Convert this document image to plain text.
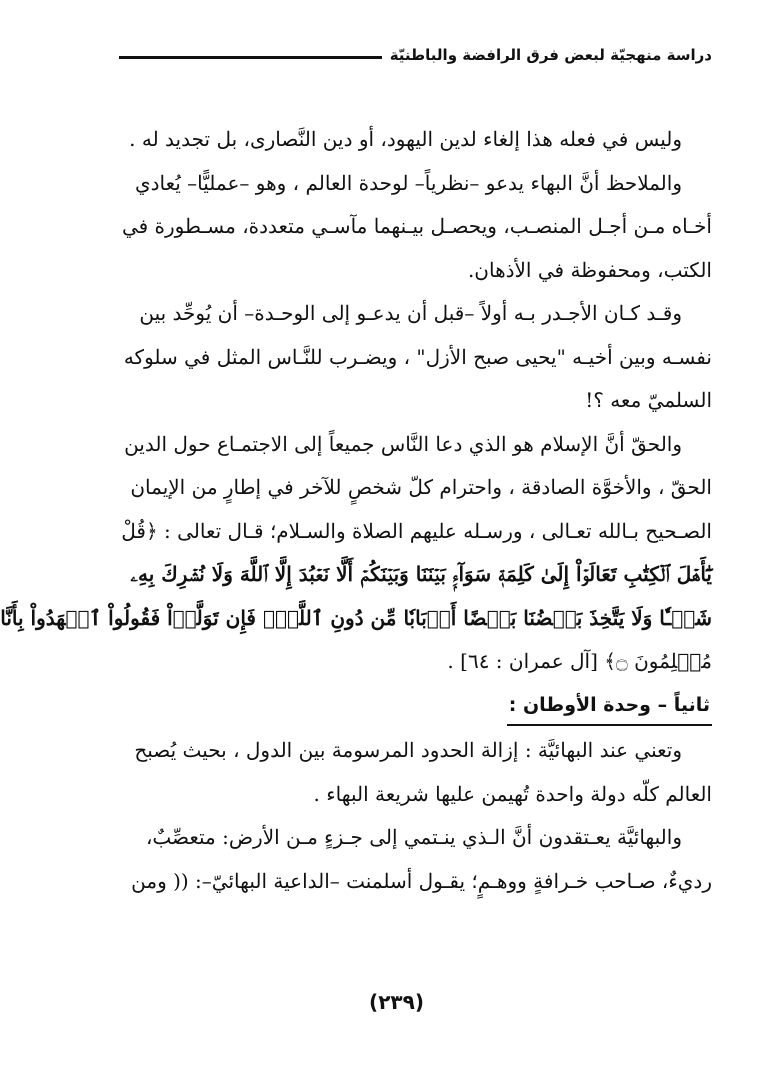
دراسة منهجيّة لبعض فرق الرافضة والباطنيّة
وليس في فعله هذا إلغاء لدين اليهود، أو دين النَّصارى، بل تجديد له .
والملاحظ أنَّ البهاء يدعو –نظرياً– لوحدة العالم ، وهو –عمليًّا– يُعادي
أخـاه مـن أجـل المنصـب، ويحصـل بيـنهما مآسـي متعددة، مسـطورة في
الكتب، ومحفوظة في الأذهان.
وقـد كـان الأجـدر بـه أولاً –قبل أن يدعـو إلى الوحـدة– أن يُوحِّد بين
نفسـه وبين أخيـه "يحيى صبح الأزل" ، ويضـرب للنَّـاس المثل في سلوكه
السلميّ معه ؟!
والحقّ أنَّ الإسلام هو الذي دعا النَّاس جميعاً إلى الاجتمـاع حول الدين
الحقّ ، والأخوَّة الصادقة ، واحترام كلّ شخصٍ للآخر في إطارٍ من الإيمان
الصـحيح بـالله تعـالى ، ورسـله عليهم الصلاة والسـلام؛ قـال تعالى : ﴿قُلْ
يَٰٓأَهۡلَ ٱلۡكِتَٰبِ تَعَالَوۡاْ إِلَىٰ كَلِمَةٖ سَوَآءِۭ بَيۡنَنَا وَبَيۡنَكُمۡ أَلَّا نَعۡبُدَ إِلَّا ٱللَّهَ وَلَا نُشۡرِكَ بِهِۦ
شَيۡـٔٗا وَلَا يَتَّخِذَ بَعۡضُنَا بَعۡضًا أَرۡبَابٗا مِّن دُونِ ٱللَّهِۚ فَإِن تَوَلَّوۡاْ فَقُولُواْ ٱشۡهَدُواْ بِأَنَّا
مُسۡلِمُونَ ۝﴾ [آل عمران : ٦٤] .
ثانياً – وحدة الأوطان :
وتعني عند البهائيَّة : إزالة الحدود المرسومة بين الدول ، بحيث يُصبح
العالم كلّه دولة واحدة تُهيمن عليها شريعة البهاء .
والبهائيَّة يعـتقدون أنَّ الـذي ينـتمي إلى جـزءٍ مـن الأرض: متعصِّبٌ،
رديءٌ، صـاحب خـرافةٍ ووهـمٍ؛ يقـول أسلمنت –الداعية البهائيّ–: (( ومن
(٢٣٩)
